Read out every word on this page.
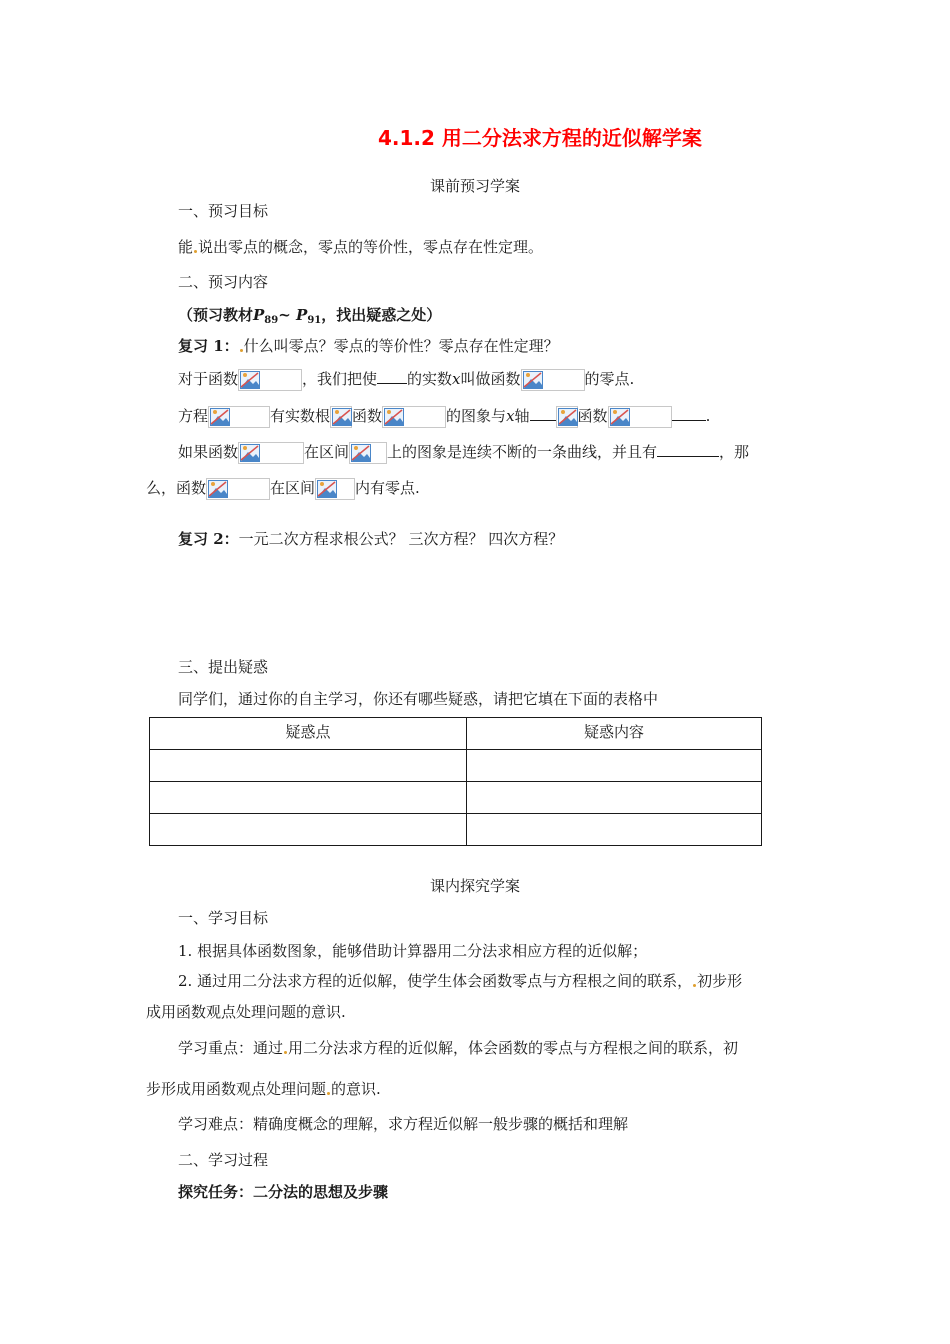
4.1.2 用二分法求方程的近似解学案
课前预习学案
一、预习目标
能 说出零点的概念，零点的等价性，零点存在性定理。
二、预习内容
（预习教材$P_{89}\sim$ $P_{91}$，找出疑惑之处）
复习 1： 什么叫零点？零点的等价性？零点存在性定理？
对于函数	，我们把使 的实数x叫做函数	的零点.
方程	有实数根 函数	的图象与x轴	函数	.
如果函数	在区间	上的图象是连续不断的一条曲线，并且有	，那
么，函数	在区间	内有零点.
复习 2：一元二次方程求根公式？ 三次方程？ 四次方程？
三、提出疑惑
同学们，通过你的自主学习，你还有哪些疑惑，请把它填在下面的表格中
疑惑点	疑惑内容

课内探究学案
一、学习目标
1. 根据具体函数图象，能够借助计算器用二分法求相应方程的近似解；
2. 通过用二分法求方程的近似解，使学生体会函数零点与方程根之间的联系， 初步形
成用函数观点处理问题的意识.
学习重点：通过 用二分法求方程的近似解，体会函数的零点与方程根之间的联系，初
步形成用函数观点处理问题 的意识.
学习难点：精确度概念的理解，求方程近似解一般步骤的概括和理解
二、学习过程
探究任务：二分法的思想及步骤
